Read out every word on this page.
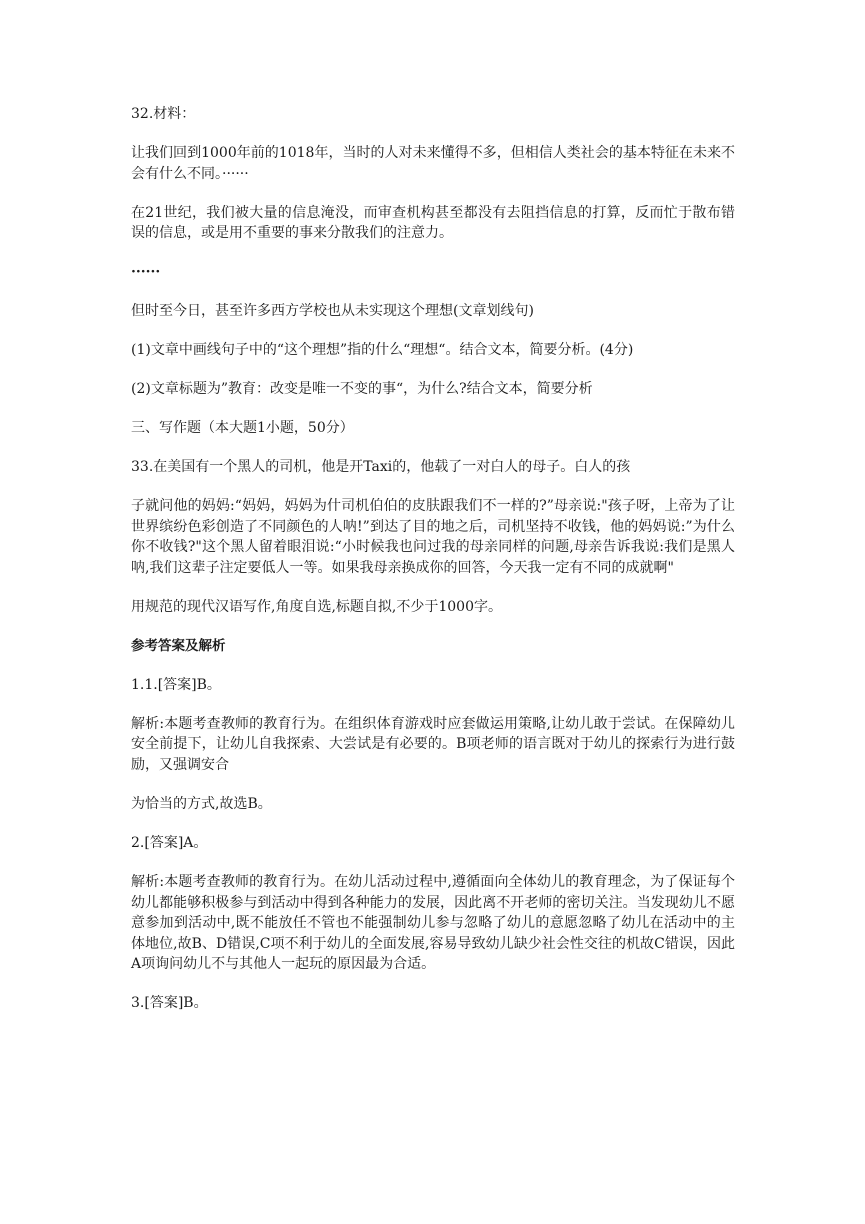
32.材料：

让我们回到1000年前的1018年，当时的人对未来懂得不多，但相信人类社会的基本特征在未来不会有什么不同。······

在21世纪，我们被大量的信息淹没，而审查机构甚至都没有去阻挡信息的打算，反而忙于散布错误的信息，或是用不重要的事来分散我们的注意力。

······

但时至今日，甚至许多西方学校也从未实现这个理想(文章划线句)

(1)文章中画线句子中的“这个理想”指的什么“理想“。结合文本，简要分析。(4分)

(2)文章标题为”教育：改变是唯一不变的事“，为什么?结合文本，简要分析

三、写作题（本大题1小题，50分）

33.在美国有一个黑人的司机，他是开Taxi的，他载了一对白人的母子。白人的孩

子就问他的妈妈:“妈妈，妈妈为什司机伯伯的皮肤跟我们不一样的?”母亲说:"孩子呀，上帝为了让世界缤纷色彩创造了不同颜色的人呐!”到达了目的地之后，司机坚持不收钱，他的妈妈说:”为什么你不收钱?"这个黑人留着眼泪说:“小时候我也问过我的母亲同样的问题,母亲告诉我说:我们是黑人呐,我们这辈子注定要低人一等。如果我母亲换成你的回答，今天我一定有不同的成就啊"

用规范的现代汉语写作,角度自选,标题自拟,不少于1000字。

参考答案及解析

1.1.[答案]B。

解析:本题考查教师的教育行为。在组织体育游戏时应套做运用策略,让幼儿敢于尝试。在保障幼儿安全前提下，让幼儿自我探索、大尝试是有必要的。B项老师的语言既对于幼儿的探索行为进行鼓励，又强调安合

为恰当的方式,故选B。

2.[答案]A。

解析:本题考查教师的教育行为。在幼儿活动过程中,遵循面向全体幼儿的教育理念，为了保证每个幼儿都能够积极参与到活动中得到各种能力的发展，因此离不开老师的密切关注。当发现幼儿不愿意参加到活动中,既不能放任不管也不能强制幼儿参与忽略了幼儿的意愿忽略了幼儿在活动中的主体地位,故B、D错误,C项不利于幼儿的全面发展,容易导致幼儿缺少社会性交往的机故C错误，因此A项询问幼儿不与其他人一起玩的原因最为合适。

3.[答案]B。
